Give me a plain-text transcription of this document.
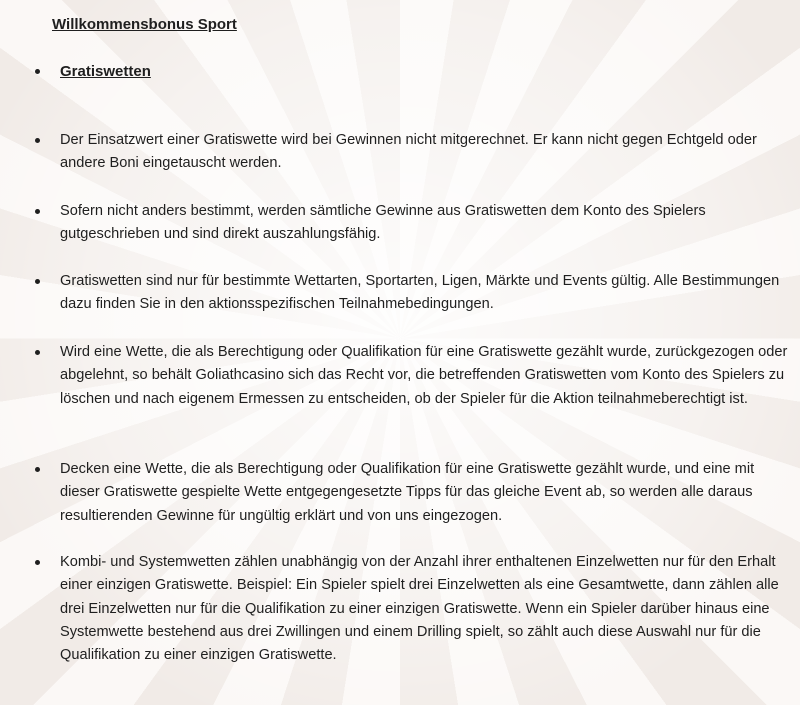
Willkommensbonus Sport
Gratiswetten
Der Einsatzwert einer Gratiswette wird bei Gewinnen nicht mitgerechnet. Er kann nicht gegen Echtgeld oder andere Boni eingetauscht werden.
Sofern nicht anders bestimmt, werden sämtliche Gewinne aus Gratiswetten dem Konto des Spielers gutgeschrieben und sind direkt auszahlungsfähig.
Gratiswetten sind nur für bestimmte Wettarten, Sportarten, Ligen, Märkte und Events gültig. Alle Bestimmungen dazu finden Sie in den aktionsspezifischen Teilnahmebedingungen.
Wird eine Wette, die als Berechtigung oder Qualifikation für eine Gratiswette gezählt wurde, zurückgezogen oder abgelehnt, so behält Goliathcasino sich das Recht vor, die betreffenden Gratiswetten vom Konto des Spielers zu löschen und nach eigenem Ermessen zu entscheiden, ob der Spieler für die Aktion teilnahmeberechtigt ist.
Decken eine Wette, die als Berechtigung oder Qualifikation für eine Gratiswette gezählt wurde, und eine mit dieser Gratiswette gespielte Wette entgegengesetzte Tipps für das gleiche Event ab, so werden alle daraus resultierenden Gewinne für ungültig erklärt und von uns eingezogen.
Kombi- und Systemwetten zählen unabhängig von der Anzahl ihrer enthaltenen Einzelwetten nur für den Erhalt einer einzigen Gratiswette. Beispiel: Ein Spieler spielt drei Einzelwetten als eine Gesamtwette, dann zählen alle drei Einzelwetten nur für die Qualifikation zu einer einzigen Gratiswette. Wenn ein Spieler darüber hinaus eine Systemwette bestehend aus drei Zwillingen und einem Drilling spielt, so zählt auch diese Auswahl nur für die Qualifikation zu einer einzigen Gratiswette.
